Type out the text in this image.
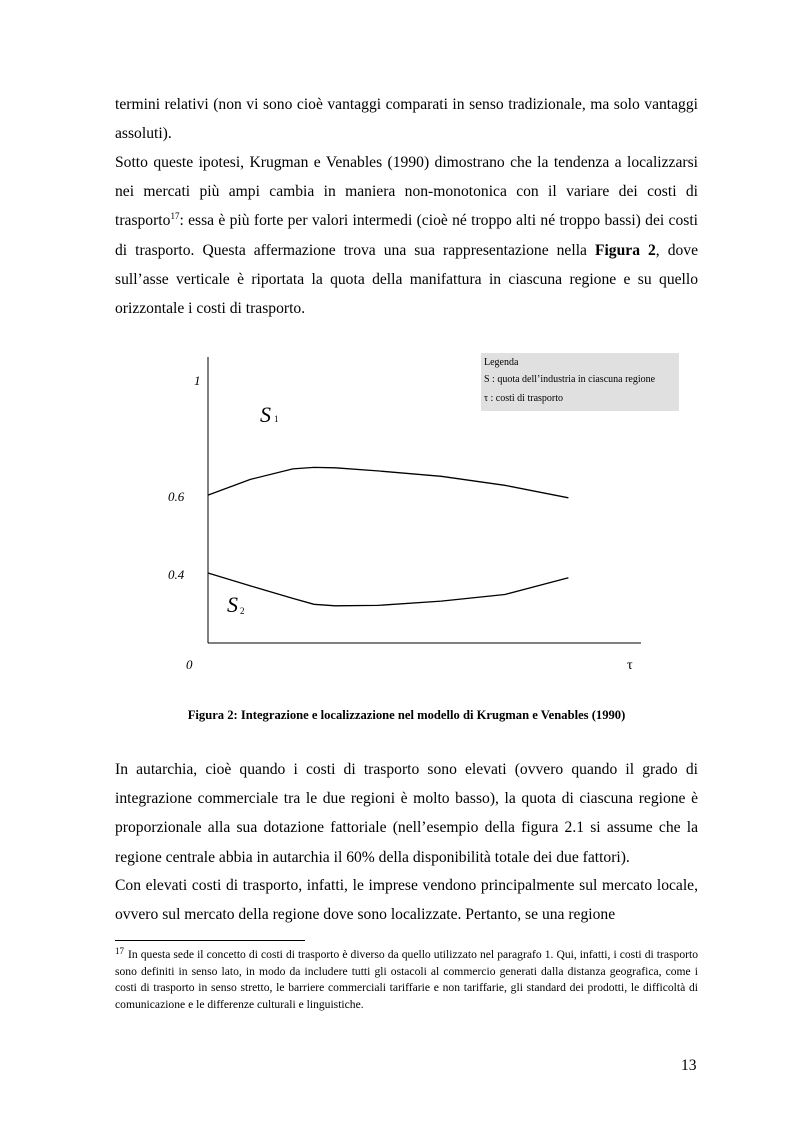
termini relativi (non vi sono cioè vantaggi comparati in senso tradizionale, ma solo vantaggi assoluti).

Sotto queste ipotesi, Krugman e Venables (1990) dimostrano che la tendenza a localizzarsi nei mercati più ampi cambia in maniera non-monotonica con il variare dei costi di trasporto$^{17}$: essa è più forte per valori intermedi (cioè né troppo alti né troppo bassi) dei costi di trasporto. Questa affermazione trova una sua rappresentazione nella Figura 2, dove sull’asse verticale è riportata la quota della manifattura in ciascuna regione e su quello orizzontale i costi di trasporto.

S 1
S 2
0.4
0.6
1
0	τ
Legenda
S : quota dell’industria in ciascuna regione
τ : costi di trasporto
Figura 2: Integrazione e localizzazione nel modello di Krugman e Venables (1990)

In autarchia, cioè quando i costi di trasporto sono elevati (ovvero quando il grado di integrazione commerciale tra le due regioni è molto basso), la quota di ciascuna regione è proporzionale alla sua dotazione fattoriale (nell’esempio della figura 2.1 si assume che la regione centrale abbia in autarchia il 60% della disponibilità totale dei due fattori).

Con elevati costi di trasporto, infatti, le imprese vendono principalmente sul mercato locale, ovvero sul mercato della regione dove sono localizzate. Pertanto, se una regione

$^{17}$ In questa sede il concetto di costi di trasporto è diverso da quello utilizzato nel paragrafo 1. Qui, infatti, i costi di trasporto sono definiti in senso lato, in modo da includere tutti gli ostacoli al commercio generati dalla distanza geografica, come i costi di trasporto in senso stretto, le barriere commerciali tariffarie e non tariffarie, gli standard dei prodotti, le difficoltà di comunicazione e le differenze culturali e linguistiche.

13
